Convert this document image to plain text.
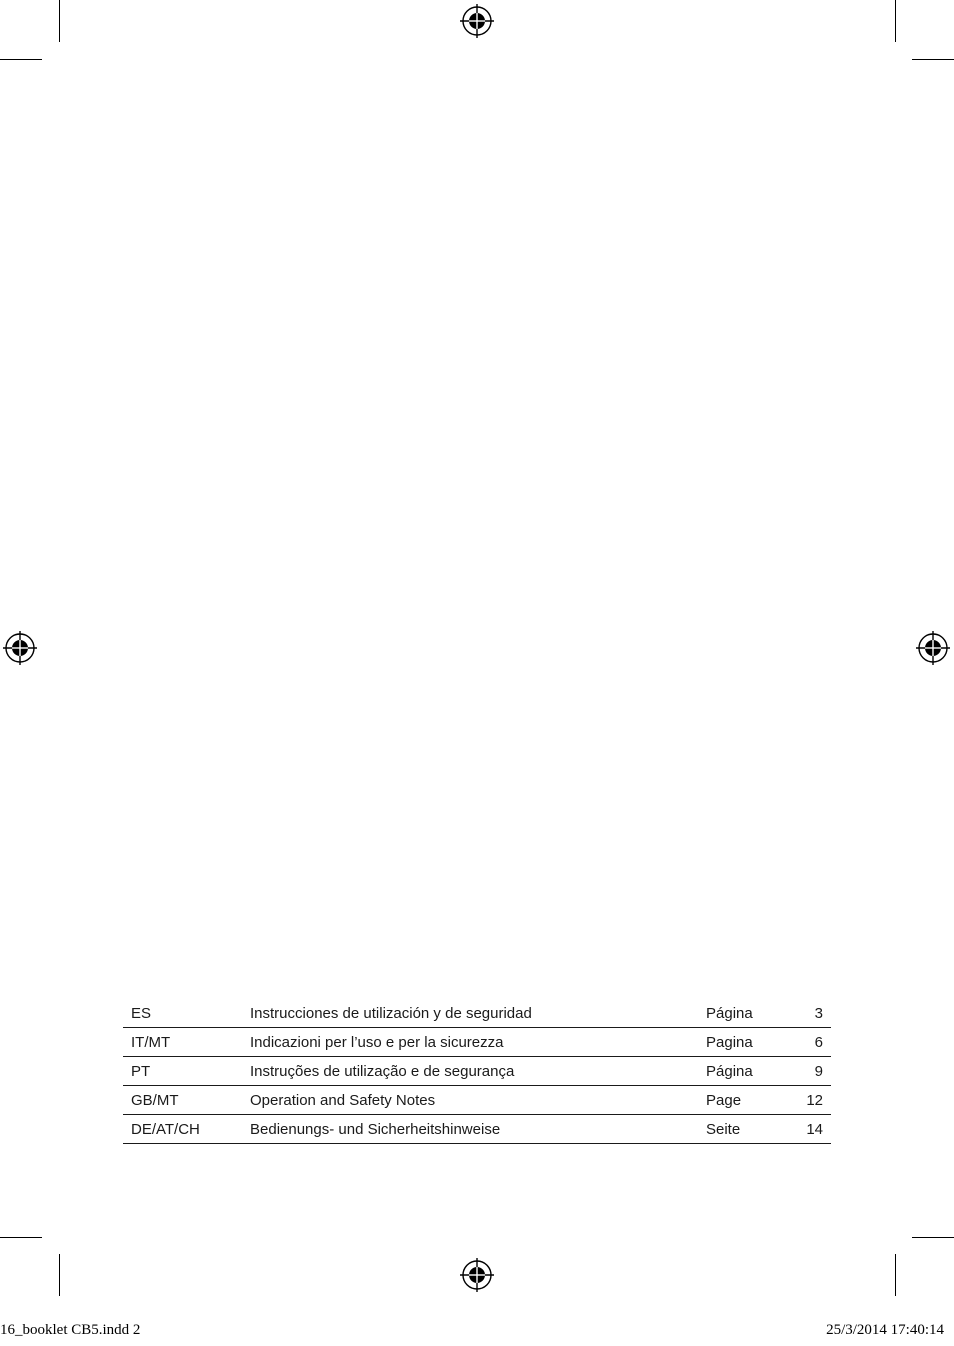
ES	Instrucciones de utilización y de seguridad	Página	3
IT/MT	Indicazioni per l’uso e per la sicurezza	Pagina	6
PT	Instruções de utilização e de segurança	Página	9
GB/MT	Operation and Safety Notes	Page	12
DE/AT/CH	Bedienungs- und Sicherheitshinweise	Seite	14
16_booklet CB5.indd 2	25/3/2014 17:40:14
